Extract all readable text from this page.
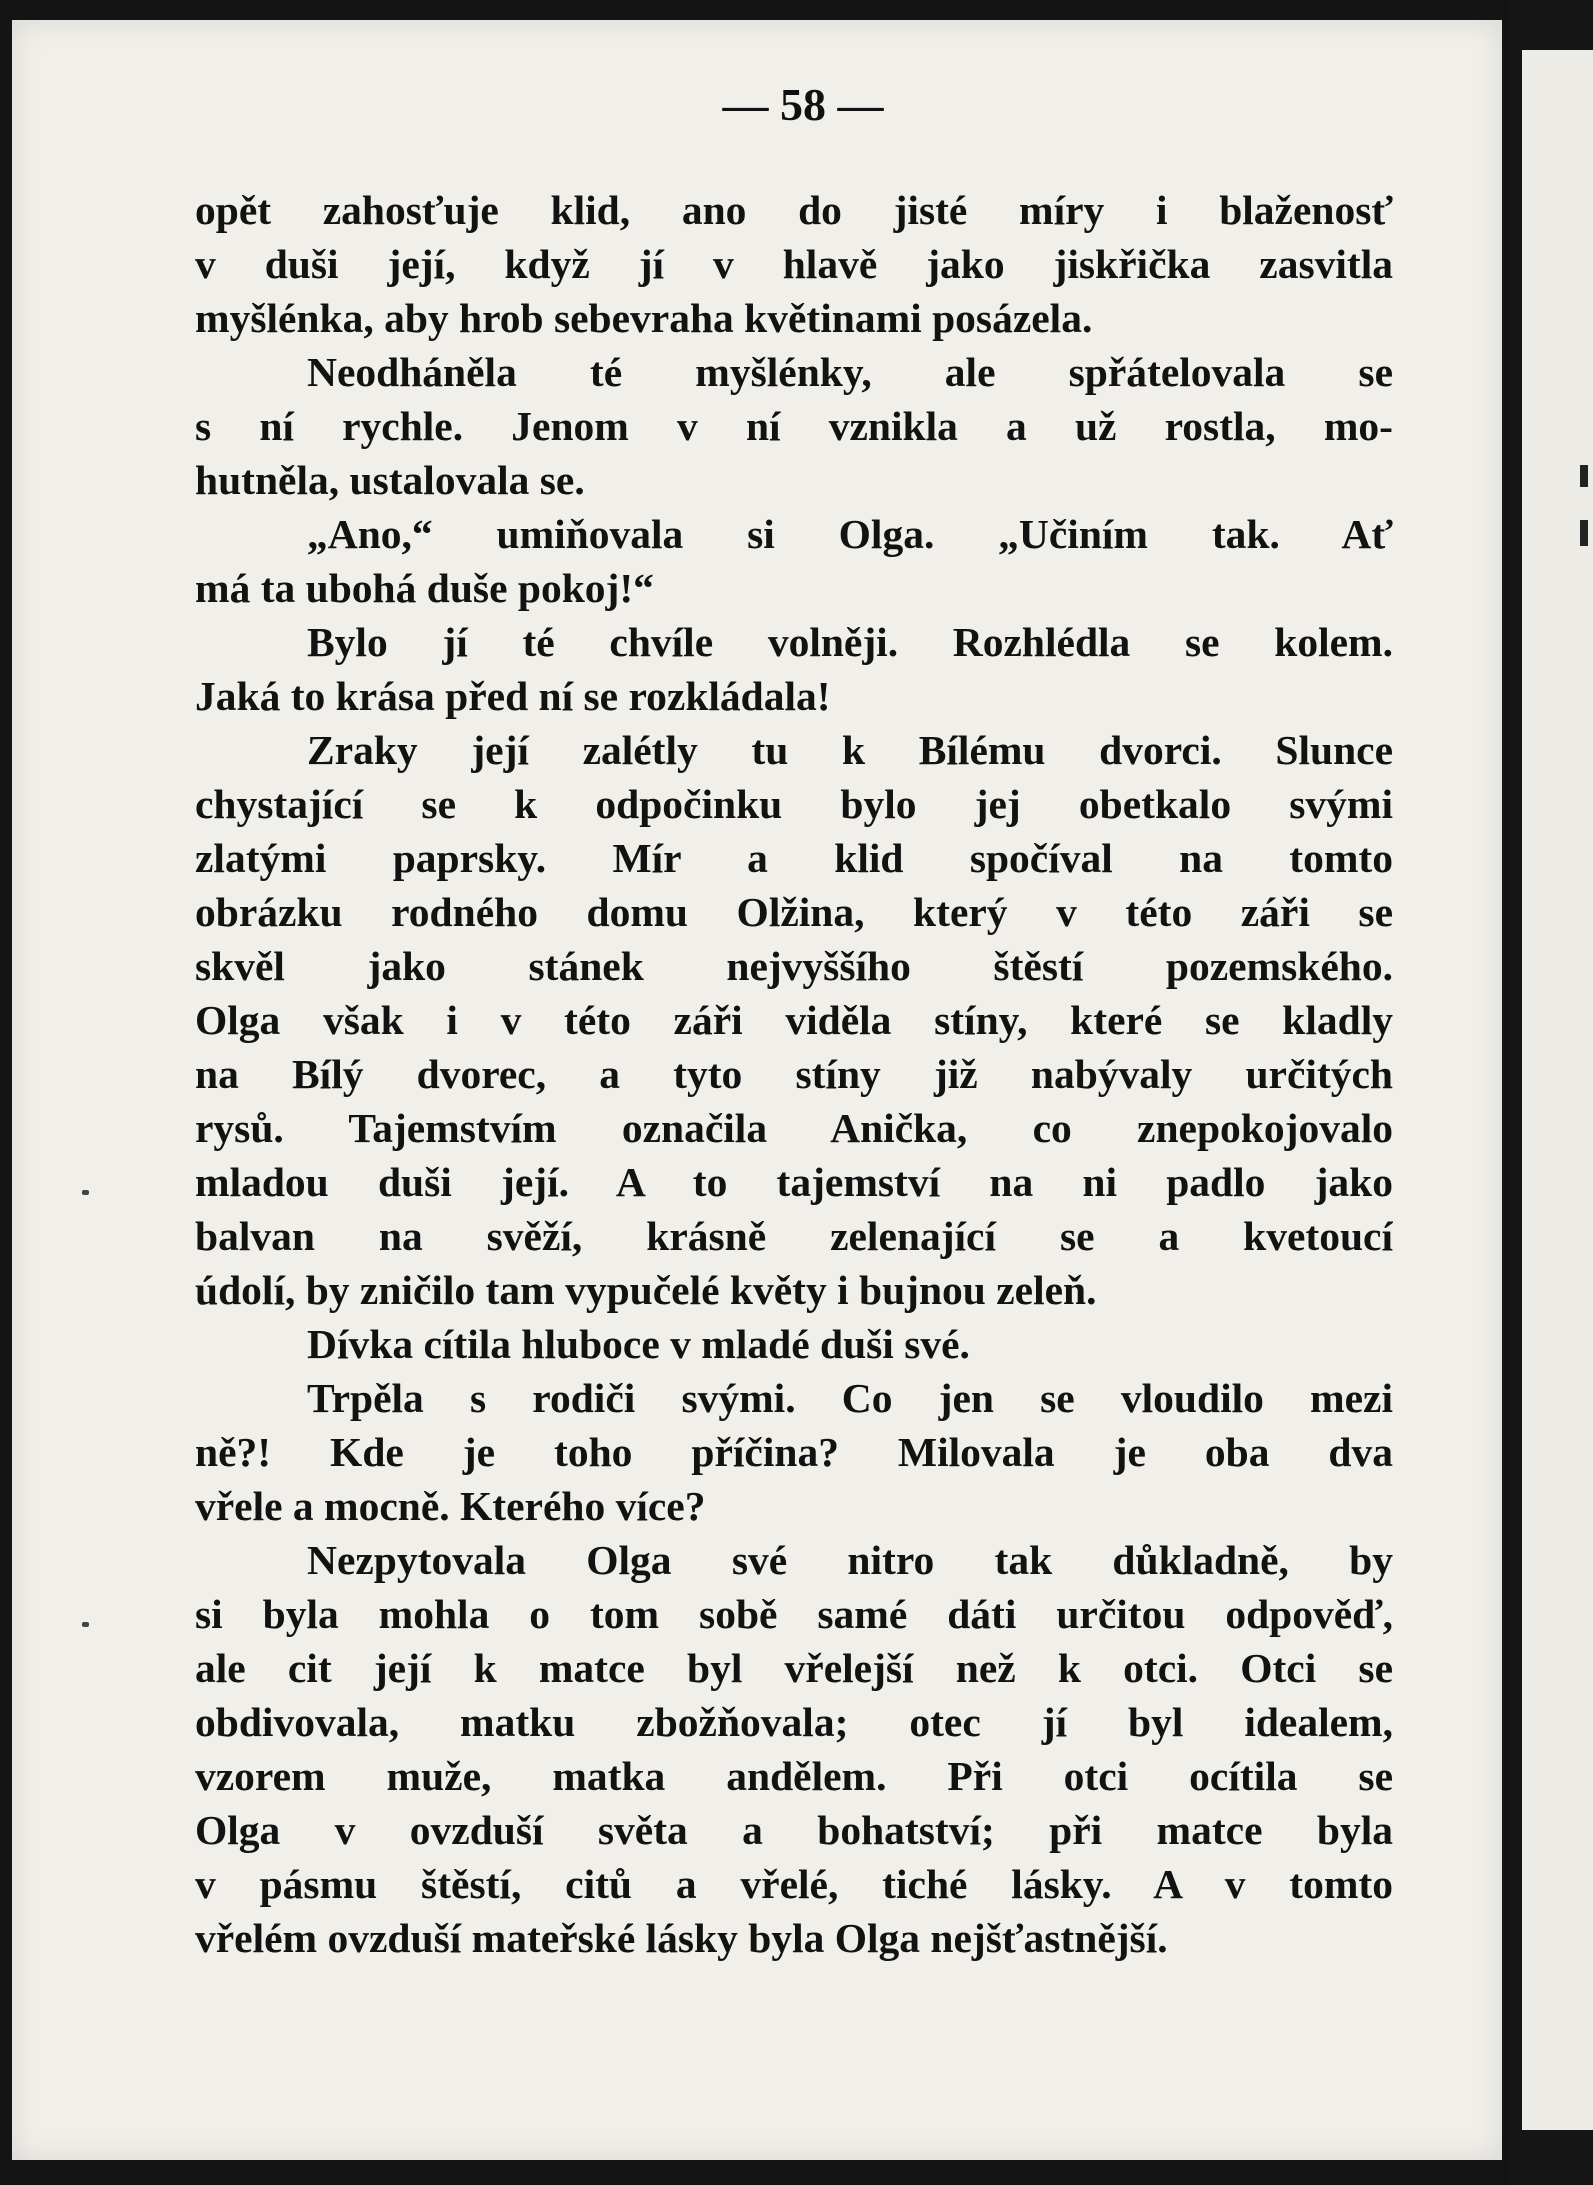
— 58 —
opět zahosťuje klid, ano do jisté míry i blaženosť
v duši její, když jí v hlavě jako jiskřička zasvitla
myšlénka, aby hrob sebevraha květinami posázela.
Neodháněla té myšlénky, ale spřátelovala se
s ní rychle. Jenom v ní vznikla a už rostla, mo-
hutněla, ustalovala se.
„Ano,“ umiňovala si Olga. „Učiním tak. Ať
má ta ubohá duše pokoj!“
Bylo jí té chvíle volněji. Rozhlédla se kolem.
Jaká to krása před ní se rozkládala!
Zraky její zalétly tu k Bílému dvorci. Slunce
chystající se k odpočinku bylo jej obetkalo svými
zlatými paprsky. Mír a klid spočíval na tomto
obrázku rodného domu Olžina, který v této záři se
skvěl jako stánek nejvyššího štěstí pozemského.
Olga však i v této záři viděla stíny, které se kladly
na Bílý dvorec, a tyto stíny již nabývaly určitých
rysů. Tajemstvím označila Anička, co znepokojovalo
mladou duši její. A to tajemství na ni padlo jako
balvan na svěží, krásně zelenající se a kvetoucí
údolí, by zničilo tam vypučelé květy i bujnou zeleň.
Dívka cítila hluboce v mladé duši své.
Trpěla s rodiči svými. Co jen se vloudilo mezi
ně?! Kde je toho příčina? Milovala je oba dva
vřele a mocně. Kterého více?
Nezpytovala Olga své nitro tak důkladně, by
si byla mohla o tom sobě samé dáti určitou odpověď,
ale cit její k matce byl vřelejší než k otci. Otci se
obdivovala, matku zbožňovala; otec jí byl idealem,
vzorem muže, matka andělem. Při otci ocítila se
Olga v ovzduší světa a bohatství; při matce byla
v pásmu štěstí, citů a vřelé, tiché lásky. A v tomto
vřelém ovzduší mateřské lásky byla Olga nejšťastnější.
